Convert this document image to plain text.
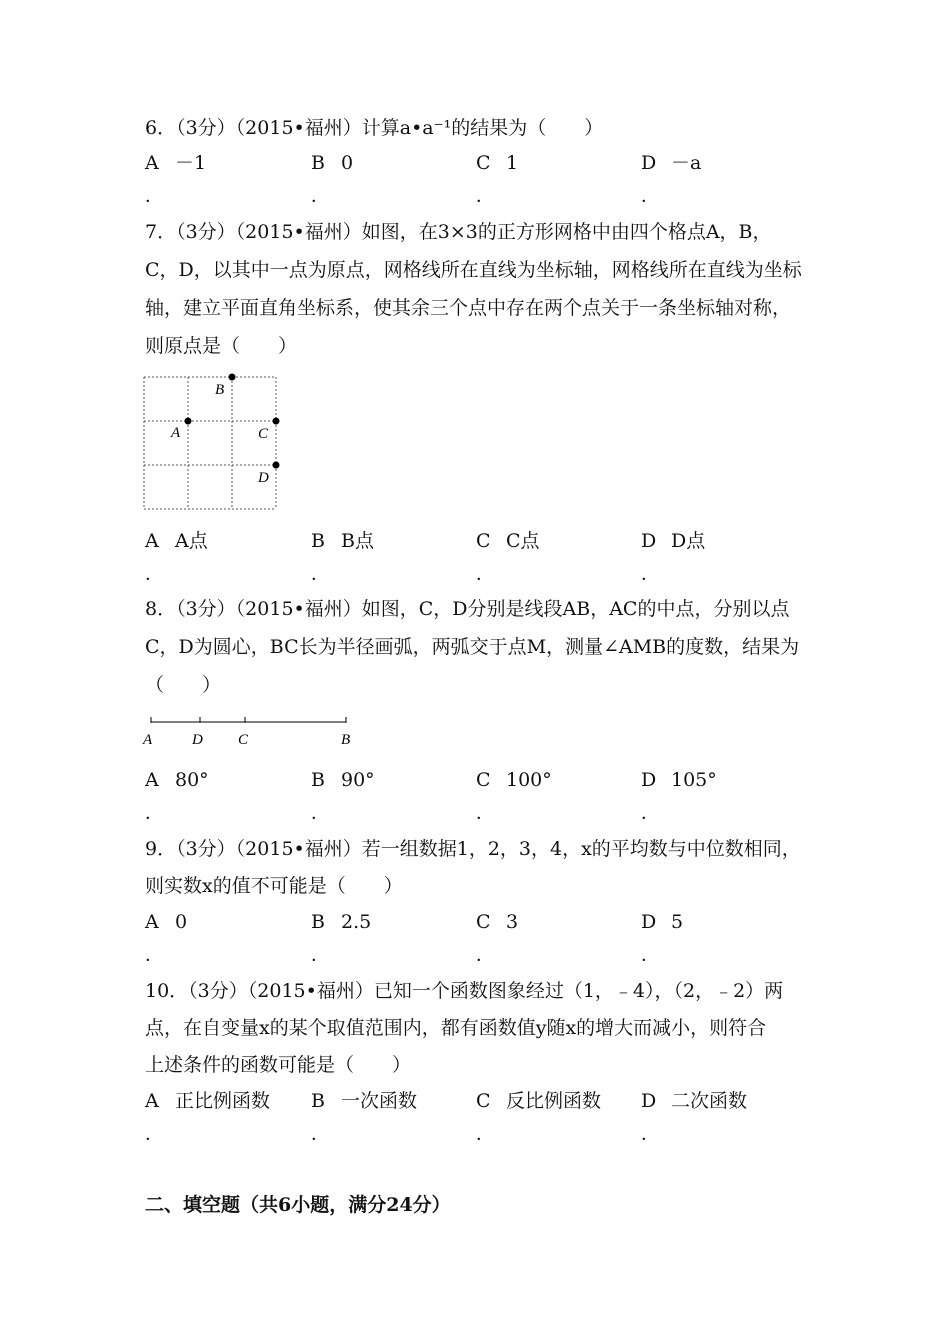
6．（3分）（2015•福州）计算a•a⁻¹的结果为（　　）
A －1	B 0	C 1	D －a
．	．	．	．
7．（3分）（2015•福州）如图，在3×3的正方形网格中由四个格点A，B，
C，D，以其中一点为原点，网格线所在直线为坐标轴，网格线所在直线为坐标
轴，建立平面直角坐标系，使其余三个点中存在两个点关于一条坐标轴对称，
则原点是（　　）
B
A	C
D
A A点	B B点	C C点	D D点
．	．	．	．
8．（3分）（2015•福州）如图，C，D分别是线段AB，AC的中点，分别以点
C，D为圆心，BC长为半径画弧，两弧交于点M，测量∠AMB的度数，结果为
（　　）
A	D C	B
A 80°	B 90°	C 100°	D 105°
．	．	．	．
9．（3分）（2015•福州）若一组数据1，2，3，4，x的平均数与中位数相同，
则实数x的值不可能是（　　）
A 0	B 2.5	C 3	D 5
．	．	．	．
10．（3分）（2015•福州）已知一个函数图象经过（1，﹣4），（2，﹣2）两
点，在自变量x的某个取值范围内，都有函数值y随x的增大而减小，则符合
上述条件的函数可能是（　　）
A 正比例函数 B 一次函数	C 反比例函数 D 二次函数
．	．	．	．
二、填空题（共6小题，满分24分）
